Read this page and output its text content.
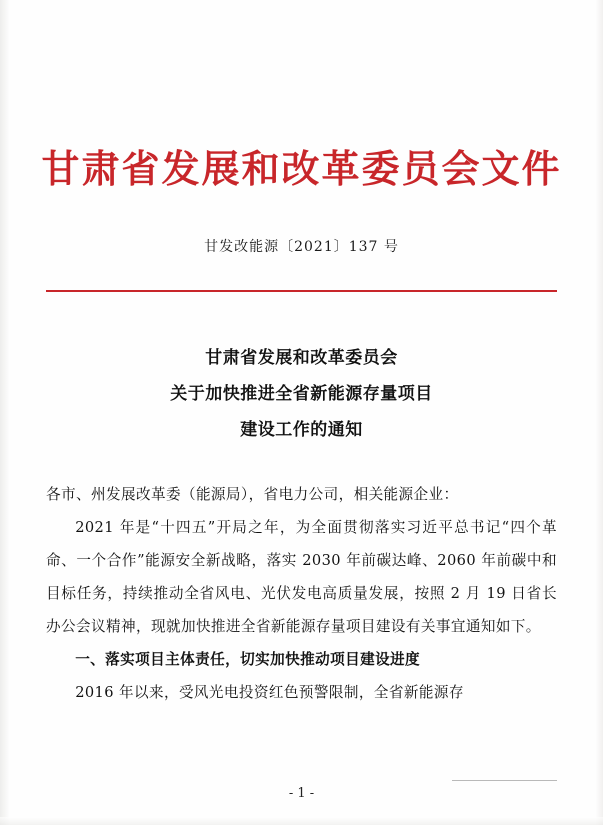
甘肃省发展和改革委员会文件
甘发改能源〔2021〕137 号
甘肃省发展和改革委员会
关于加快推进全省新能源存量项目
建设工作的通知

各市、州发展改革委（能源局），省电力公司，相关能源企业：

2021 年是“十四五”开局之年，为全面贯彻落实习近平总书记“四个革命、一个合作”能源安全新战略，落实 2030 年前碳达峰、2060 年前碳中和目标任务，持续推动全省风电、光伏发电高质量发展，按照 2 月 19 日省长办公会议精神，现就加快推进全省新能源存量项目建设有关事宜通知如下。

一、落实项目主体责任，切实加快推动项目建设进度

2016 年以来，受风光电投资红色预警限制，全省新能源存

- 1 -
